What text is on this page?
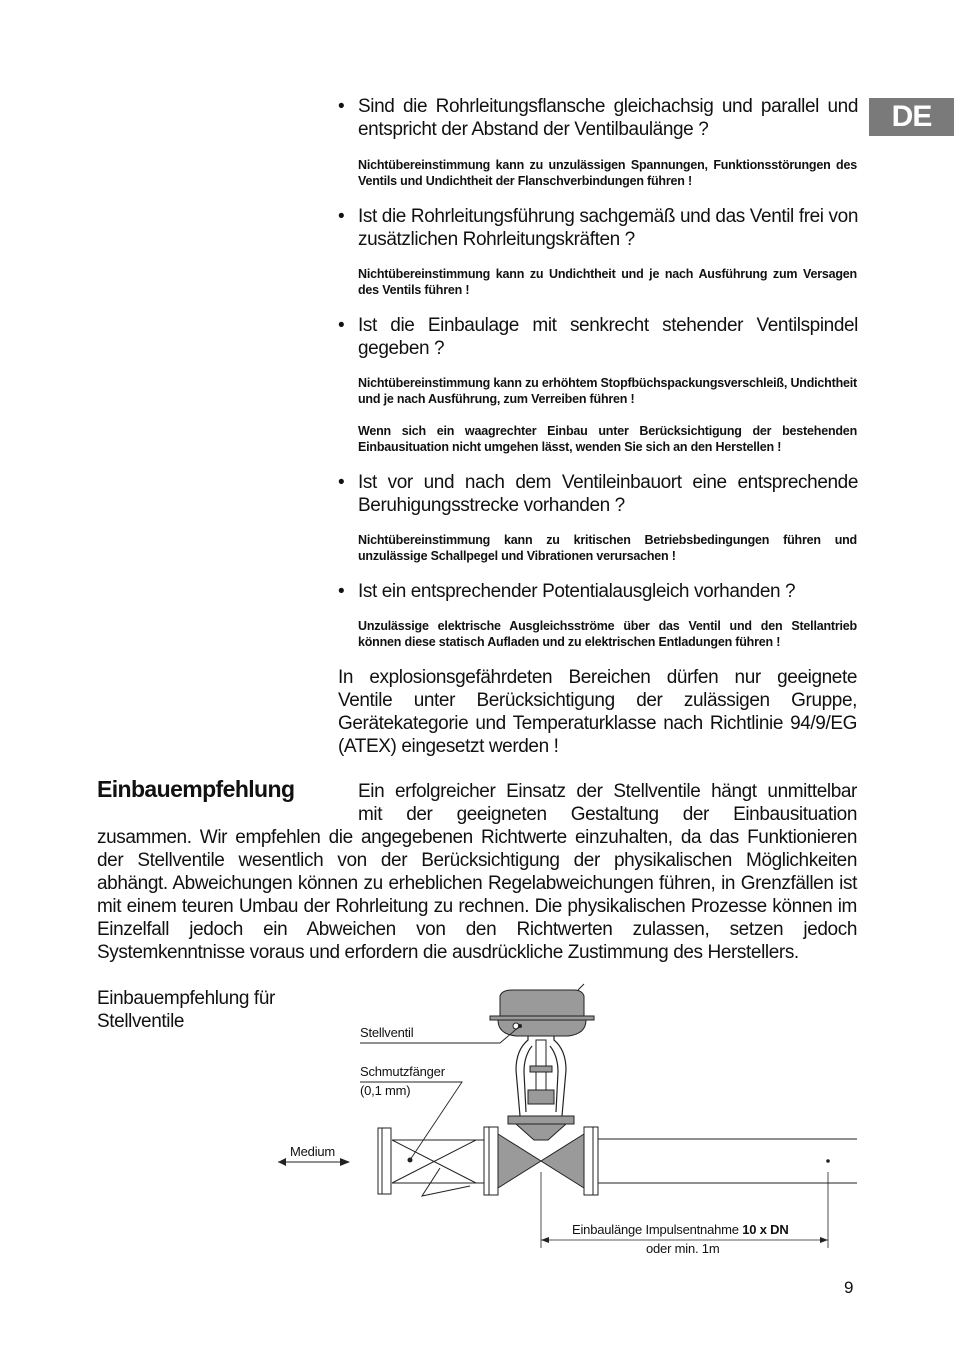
DE
• Sind die Rohrleitungsflansche gleichachsig und parallel und entspricht der Abstand der Ventilbaulänge ?
Nichtübereinstimmung kann zu unzulässigen Spannungen, Funktionsstörungen des Ventils und Undichtheit der Flanschverbindungen führen !
• Ist die Rohrleitungsführung sachgemäß und das Ventil frei von zusätzlichen Rohrleitungskräften ?
Nichtübereinstimmung kann zu Undichtheit und je nach Ausführung zum Versagen des Ventils führen !
• Ist die Einbaulage mit senkrecht stehender Ventilspindel gegeben ?
Nichtübereinstimmung kann zu erhöhtem Stopfbüchspackungsverschleiß, Undichtheit und je nach Ausführung, zum Verreiben führen !
Wenn sich ein waagrechter Einbau unter Berücksichtigung der bestehenden Einbausituation nicht umgehen lässt, wenden Sie sich an den Herstellen !
• Ist vor und nach dem Ventileinbauort eine entsprechende Beruhigungsstrecke vorhanden ?
Nichtübereinstimmung kann zu kritischen Betriebsbedingungen führen und unzulässige Schallpegel und Vibrationen verursachen !
• Ist ein entsprechender Potentialausgleich vorhanden ?
Unzulässige elektrische Ausgleichsströme über das Ventil und den Stellantrieb können diese statisch Aufladen und zu elektrischen Entladungen führen !
In explosionsgefährdeten Bereichen dürfen nur geeignete Ventile unter Berücksichtigung der zulässigen Gruppe, Gerätekategorie und Temperaturklasse nach Richtlinie 94/9/EG (ATEX) eingesetzt werden !
Einbauempfehlung	Ein erfolgreicher Einsatz der Stellventile hängt unmittelbar
mit der geeigneten Gestaltung der Einbausituation
zusammen. Wir empfehlen die angegebenen Richtwerte einzuhalten, da das Funktionieren der Stellventile wesentlich von der Berücksichtigung der physikalischen Möglichkeiten abhängt. Abweichungen können zu erheblichen Regelabweichungen führen, in Grenzfällen ist mit einem teuren Umbau der Rohrleitung zu rechnen. Die physikalischen Prozesse können im Einzelfall jedoch ein Abweichen von den Richtwerten zulassen, setzen jedoch Systemkenntnisse voraus und erfordern die ausdrückliche Zustimmung des Herstellers.
Einbauempfehlung für
Stellventile
Stellventil
Schmutzfänger
(0,1 mm)
Medium
Einbaulänge Impulsentnahme 10 x DN
oder min. 1m
9
